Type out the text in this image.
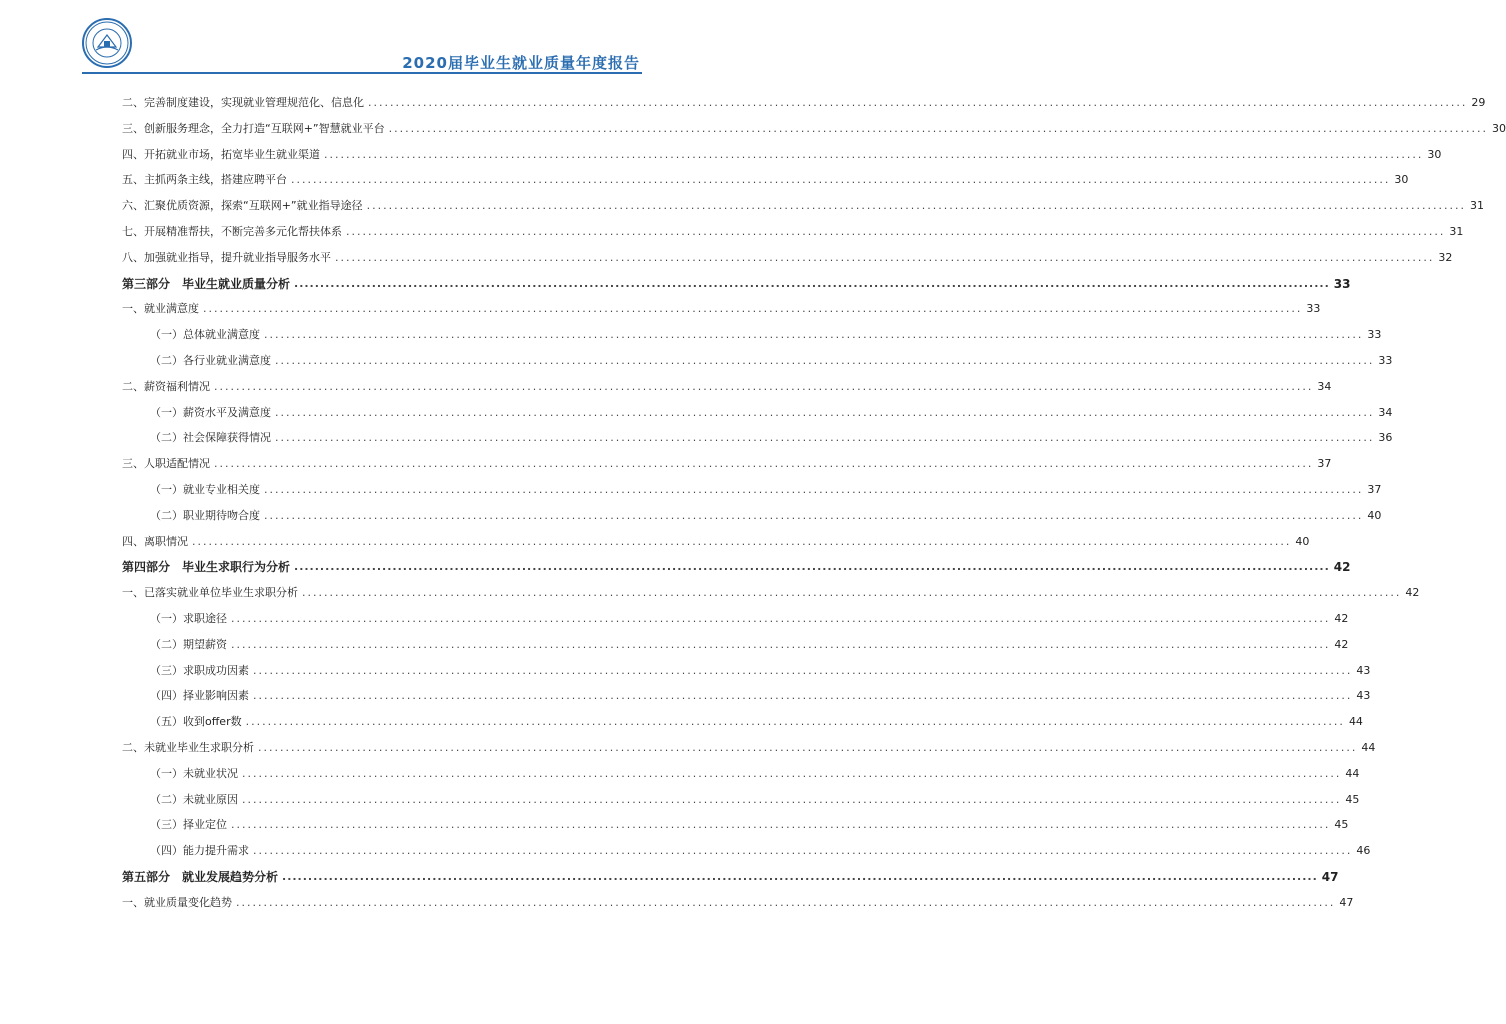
2020届毕业生就业质量年度报告
二、完善制度建设，实现就业管理规范化、信息化 ........................................................................................................................................................................................................ 29
三、创新服务理念，全力打造“互联网+”智慧就业平台 ........................................................................................................................................................................................................ 30
四、开拓就业市场，拓宽毕业生就业渠道 ........................................................................................................................................................................................................ 30
五、主抓两条主线，搭建应聘平台 ........................................................................................................................................................................................................ 30
六、汇聚优质资源，探索“互联网+”就业指导途径 ........................................................................................................................................................................................................ 31
七、开展精准帮扶，不断完善多元化帮扶体系 ........................................................................................................................................................................................................ 31
八、加强就业指导，提升就业指导服务水平 ........................................................................................................................................................................................................ 32
第三部分　毕业生就业质量分析 ........................................................................................................................................................................................................ 33
一、就业满意度 ........................................................................................................................................................................................................ 33
（一）总体就业满意度 ........................................................................................................................................................................................................ 33
（二）各行业就业满意度 ........................................................................................................................................................................................................ 33
二、薪资福利情况 ........................................................................................................................................................................................................ 34
（一）薪资水平及满意度 ........................................................................................................................................................................................................ 34
（二）社会保障获得情况 ........................................................................................................................................................................................................ 36
三、人职适配情况 ........................................................................................................................................................................................................ 37
（一）就业专业相关度 ........................................................................................................................................................................................................ 37
（二）职业期待吻合度 ........................................................................................................................................................................................................ 40
四、离职情况 ........................................................................................................................................................................................................ 40
第四部分　毕业生求职行为分析 ........................................................................................................................................................................................................ 42
一、已落实就业单位毕业生求职分析 ........................................................................................................................................................................................................ 42
（一）求职途径 ........................................................................................................................................................................................................ 42
（二）期望薪资 ........................................................................................................................................................................................................ 42
（三）求职成功因素 ........................................................................................................................................................................................................ 43
（四）择业影响因素 ........................................................................................................................................................................................................ 43
（五）收到offer数 ........................................................................................................................................................................................................ 44
二、未就业毕业生求职分析 ........................................................................................................................................................................................................ 44
（一）未就业状况 ........................................................................................................................................................................................................ 44
（二）未就业原因 ........................................................................................................................................................................................................ 45
（三）择业定位 ........................................................................................................................................................................................................ 45
（四）能力提升需求 ........................................................................................................................................................................................................ 46
第五部分　就业发展趋势分析 ........................................................................................................................................................................................................ 47
一、就业质量变化趋势 ........................................................................................................................................................................................................ 47
